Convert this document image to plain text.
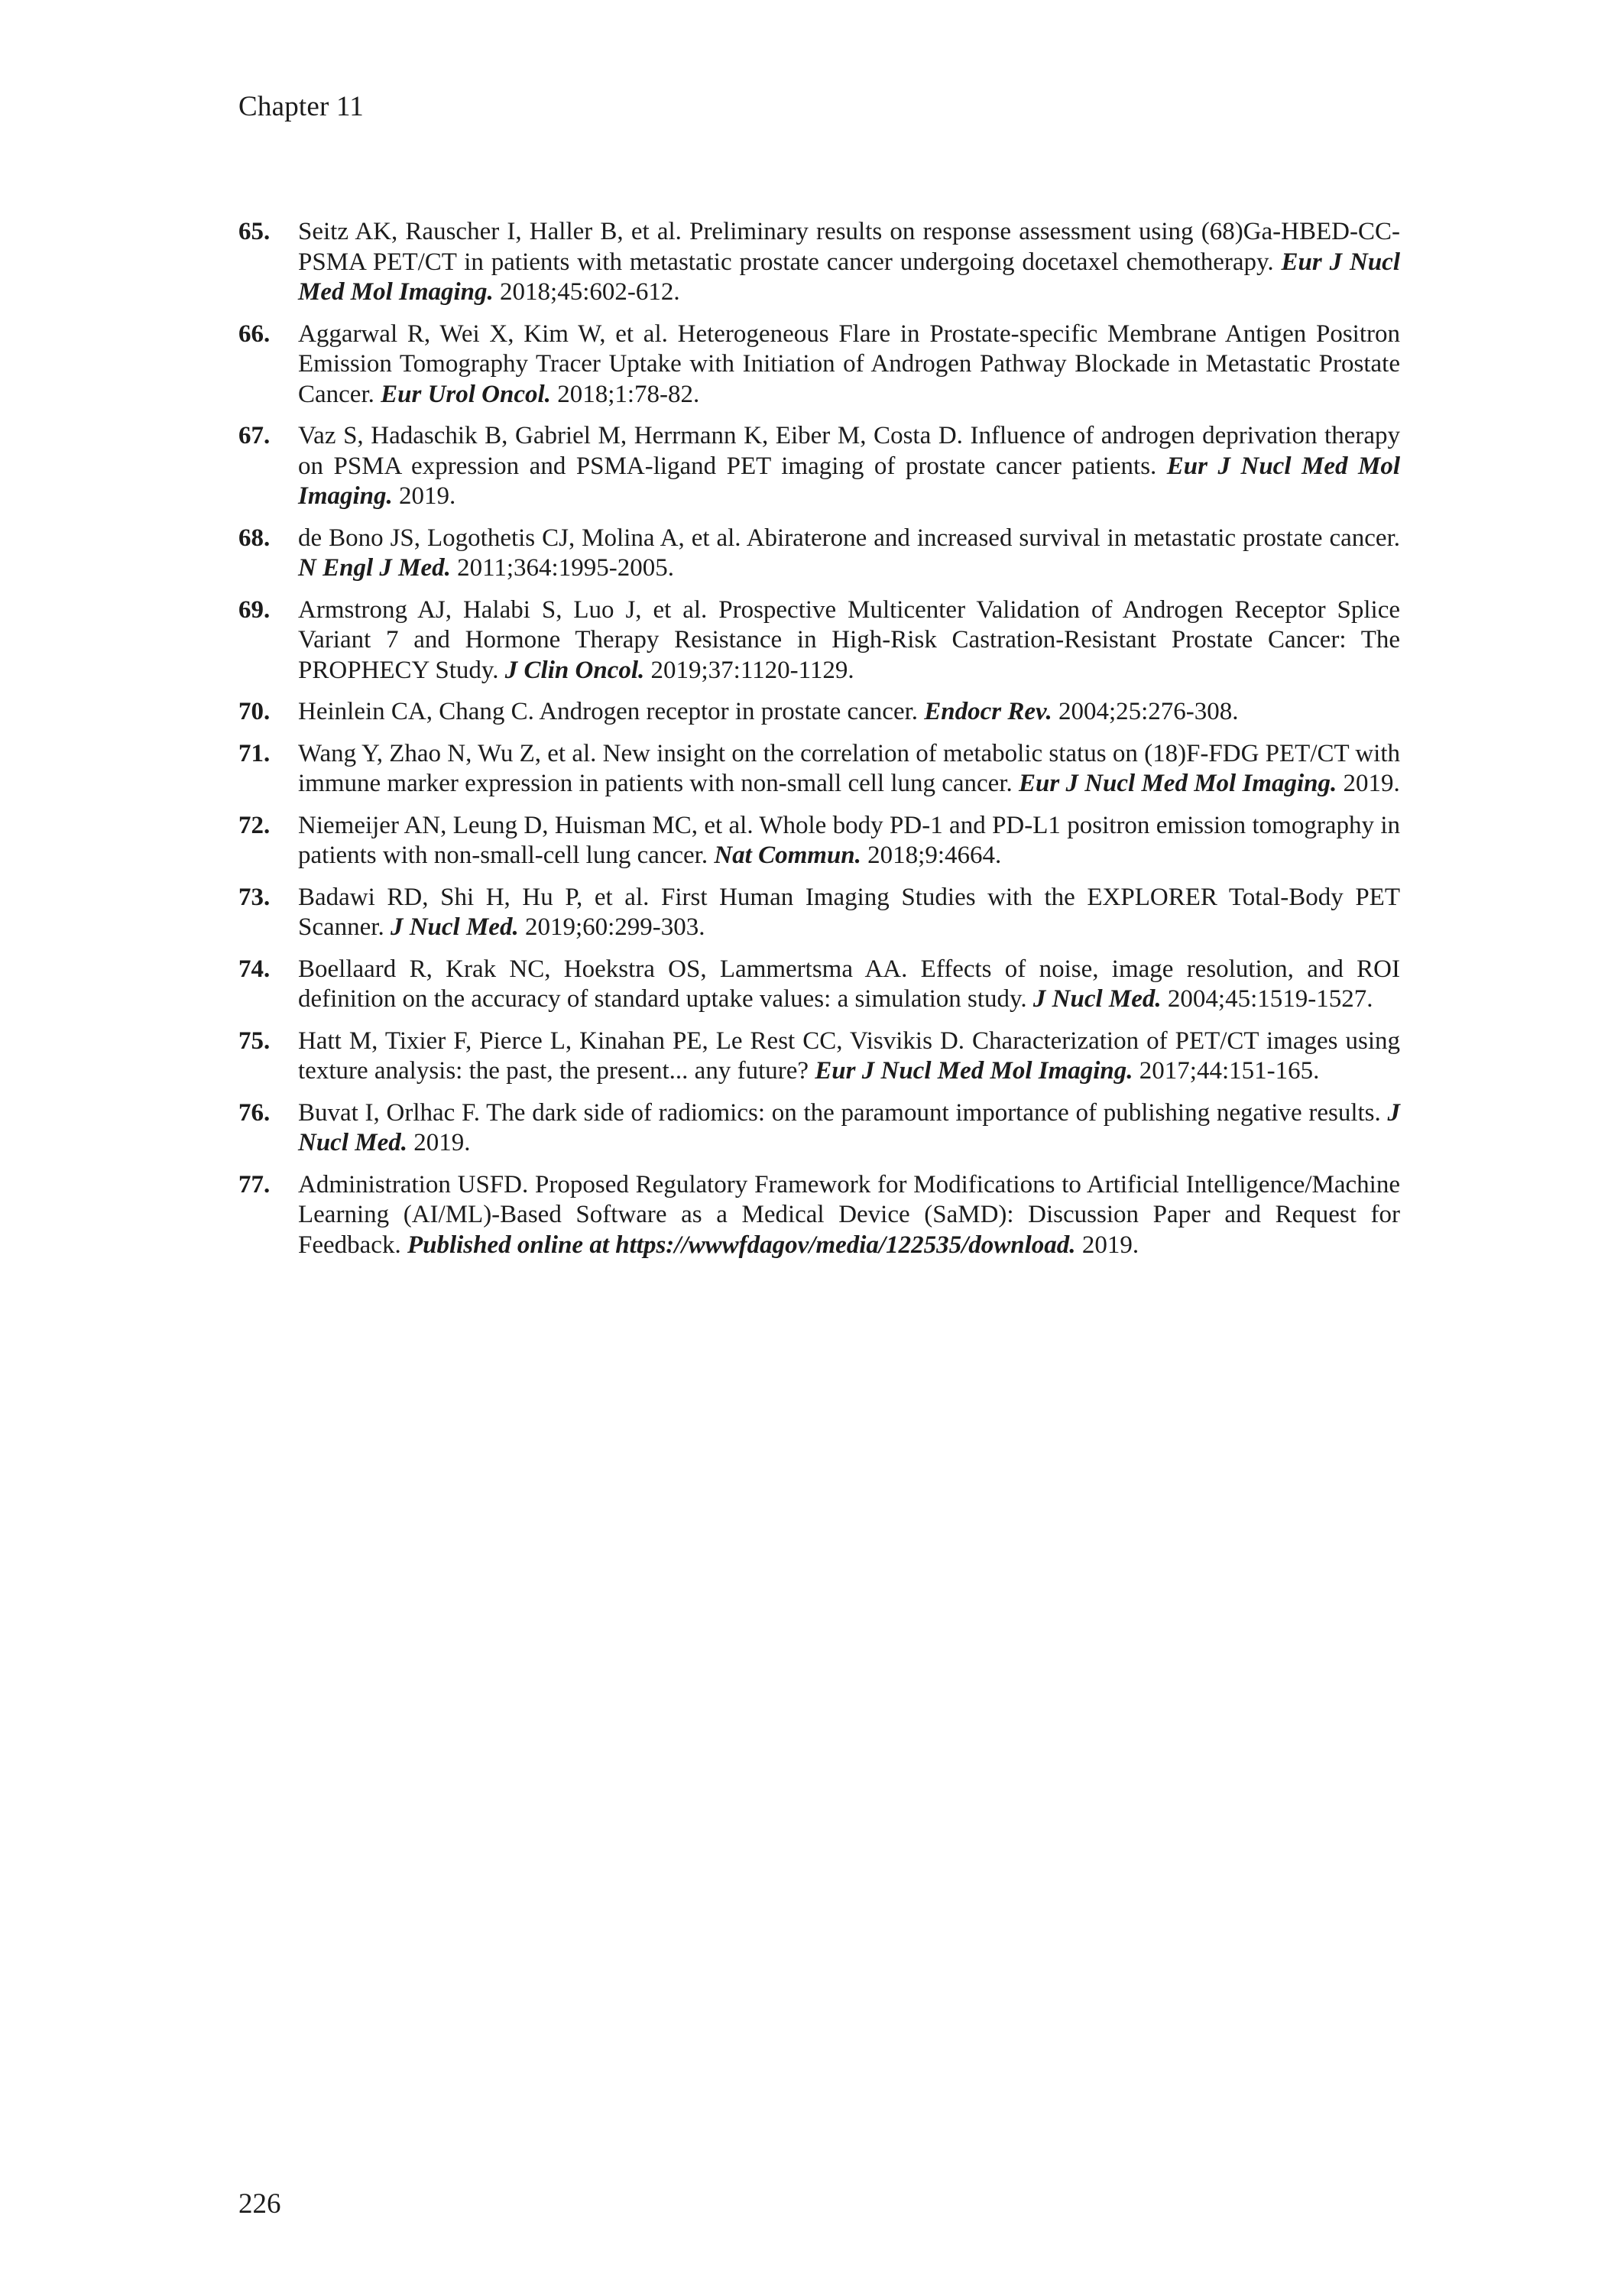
Chapter 11
65.	Seitz AK, Rauscher I, Haller B, et al. Preliminary results on response assessment using (68)Ga-HBED-CC-PSMA PET/CT in patients with metastatic prostate cancer undergoing docetaxel chemotherapy. Eur J Nucl Med Mol Imaging. 2018;45:602-612.
66.	Aggarwal R, Wei X, Kim W, et al. Heterogeneous Flare in Prostate-specific Membrane Antigen Positron Emission Tomography Tracer Uptake with Initiation of Androgen Pathway Blockade in Metastatic Prostate Cancer. Eur Urol Oncol. 2018;1:78-82.
67.	Vaz S, Hadaschik B, Gabriel M, Herrmann K, Eiber M, Costa D. Influence of androgen deprivation therapy on PSMA expression and PSMA-ligand PET imaging of prostate cancer patients. Eur J Nucl Med Mol Imaging. 2019.
68.	de Bono JS, Logothetis CJ, Molina A, et al. Abiraterone and increased survival in metastatic prostate cancer. N Engl J Med. 2011;364:1995-2005.
69.	Armstrong AJ, Halabi S, Luo J, et al. Prospective Multicenter Validation of Androgen Receptor Splice Variant 7 and Hormone Therapy Resistance in High-Risk Castration-Resistant Prostate Cancer: The PROPHECY Study. J Clin Oncol. 2019;37:1120-1129.
70.	Heinlein CA, Chang C. Androgen receptor in prostate cancer. Endocr Rev. 2004;25:276-308.
71.	Wang Y, Zhao N, Wu Z, et al. New insight on the correlation of metabolic status on (18)F-FDG PET/CT with immune marker expression in patients with non-small cell lung cancer. Eur J Nucl Med Mol Imaging. 2019.
72.	Niemeijer AN, Leung D, Huisman MC, et al. Whole body PD-1 and PD-L1 positron emission tomography in patients with non-small-cell lung cancer. Nat Commun. 2018;9:4664.
73.	Badawi RD, Shi H, Hu P, et al. First Human Imaging Studies with the EXPLORER Total-Body PET Scanner. J Nucl Med. 2019;60:299-303.
74.	Boellaard R, Krak NC, Hoekstra OS, Lammertsma AA. Effects of noise, image resolution, and ROI definition on the accuracy of standard uptake values: a simulation study. J Nucl Med. 2004;45:1519-1527.
75.	Hatt M, Tixier F, Pierce L, Kinahan PE, Le Rest CC, Visvikis D. Characterization of PET/CT images using texture analysis: the past, the present... any future? Eur J Nucl Med Mol Imaging. 2017;44:151-165.
76.	Buvat I, Orlhac F. The dark side of radiomics: on the paramount importance of publishing negative results. J Nucl Med. 2019.
77.	Administration USFD. Proposed Regulatory Framework for Modifications to Artificial Intelligence/Machine Learning (AI/ML)-Based Software as a Medical Device (SaMD): Discussion Paper and Request for Feedback. Published online at https://wwwfdagov/media/122535/download. 2019.
226
